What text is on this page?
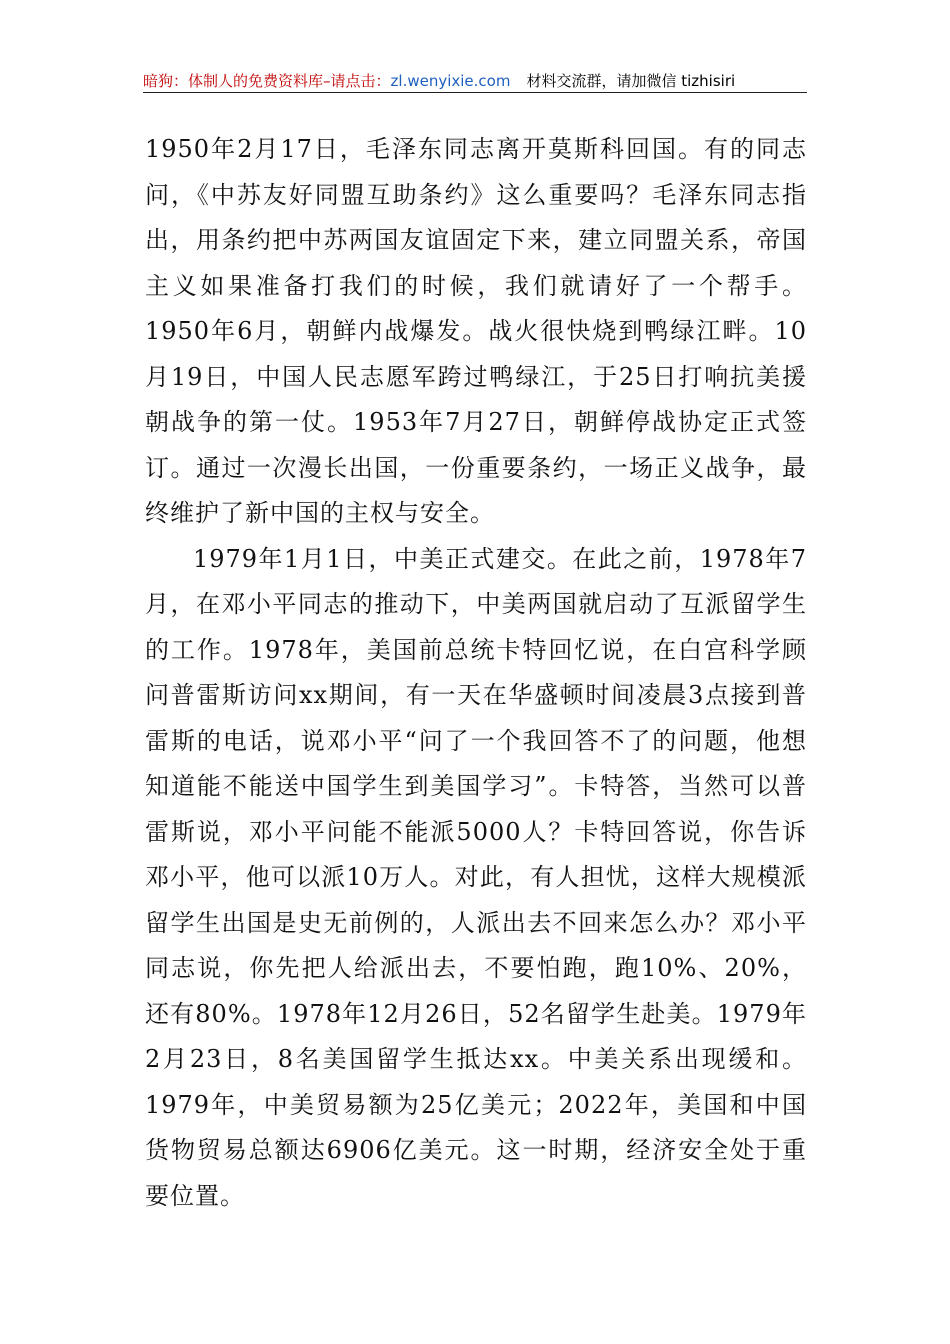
暗狗：体制人的免费资料库–请点击：zl.wenyixie.com 材料交流群，请加微信 tizhisiri

1950年2月17日，毛泽东同志离开莫斯科回国。有的同志问，《中苏友好同盟互助条约》这么重要吗？毛泽东同志指出，用条约把中苏两国友谊固定下来，建立同盟关系，帝国主义如果准备打我们的时候，我们就请好了一个帮手。1950年6月，朝鲜内战爆发。战火很快烧到鸭绿江畔。10月19日，中国人民志愿军跨过鸭绿江，于25日打响抗美援朝战争的第一仗。1953年7月27日，朝鲜停战协定正式签订。通过一次漫长出国，一份重要条约，一场正义战争，最终维护了新中国的主权与安全。

1979年1月1日，中美正式建交。在此之前，1978年7月，在邓小平同志的推动下，中美两国就启动了互派留学生的工作。1978年，美国前总统卡特回忆说，在白宫科学顾问普雷斯访问xx期间，有一天在华盛顿时间凌晨3点接到普雷斯的电话，说邓小平“问了一个我回答不了的问题，他想知道能不能送中国学生到美国学习”。卡特答，当然可以普雷斯说，邓小平问能不能派5000人？卡特回答说，你告诉邓小平，他可以派10万人。对此，有人担忧，这样大规模派留学生出国是史无前例的，人派出去不回来怎么办？邓小平同志说，你先把人给派出去，不要怕跑，跑10%、20%，还有80%。1978年12月26日，52名留学生赴美。1979年2月23日，8名美国留学生抵达xx。中美关系出现缓和。1979年，中美贸易额为25亿美元；2022年，美国和中国货物贸易总额达6906亿美元。这一时期，经济安全处于重要位置。
